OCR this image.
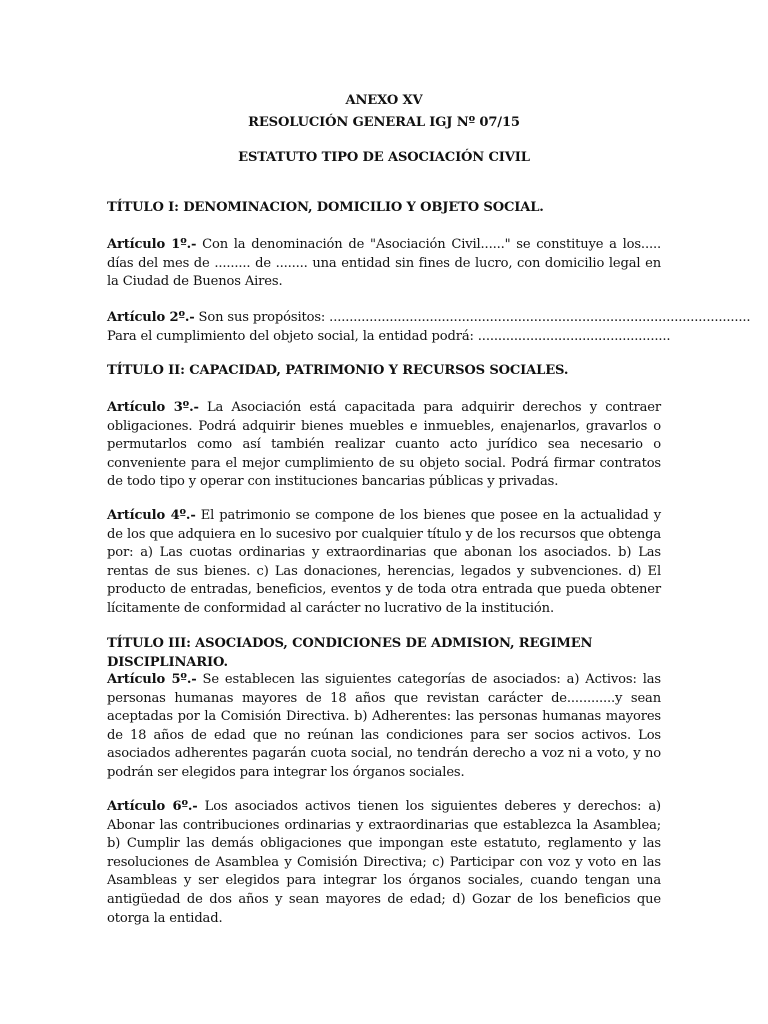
ANEXO XV
RESOLUCIÓN GENERAL IGJ Nº 07/15
ESTATUTO TIPO DE ASOCIACIÓN CIVIL
TÍTULO I: DENOMINACION, DOMICILIO Y OBJETO SOCIAL.
Artículo 1º.- Con la denominación de "Asociación Civil......" se constituye a los..... días del mes de ......... de ........ una entidad sin fines de lucro, con domicilio legal en la Ciudad de Buenos Aires.
Artículo 2º.- Son sus propósitos: .........................................................................................................
Para el cumplimiento del objeto social, la entidad podrá: ................................................
TÍTULO II: CAPACIDAD, PATRIMONIO Y RECURSOS SOCIALES.
Artículo 3º.- La Asociación está capacitada para adquirir derechos y contraer obligaciones. Podrá adquirir bienes muebles e inmuebles, enajenarlos, gravarlos o permutarlos como así también realizar cuanto acto jurídico sea necesario o conveniente para el mejor cumplimiento de su objeto social. Podrá firmar contratos de todo tipo y operar con instituciones bancarias públicas y privadas.
Artículo 4º.- El patrimonio se compone de los bienes que posee en la actualidad y de los que adquiera en lo sucesivo por cualquier título y de los recursos que obtenga por: a) Las cuotas ordinarias y extraordinarias que abonan los asociados. b) Las rentas de sus bienes. c) Las donaciones, herencias, legados y subvenciones. d) El producto de entradas, beneficios, eventos y de toda otra entrada que pueda obtener lícitamente de conformidad al carácter no lucrativo de la institución.
TÍTULO III: ASOCIADOS, CONDICIONES DE ADMISION, REGIMEN DISCIPLINARIO.
Artículo 5º.- Se establecen las siguientes categorías de asociados: a) Activos: las personas humanas mayores de 18 años que revistan carácter de............y sean aceptadas por la Comisión Directiva. b) Adherentes: las personas humanas mayores de 18 años de edad que no reúnan las condiciones para ser socios activos. Los asociados adherentes pagarán cuota social, no tendrán derecho a voz ni a voto, y no podrán ser elegidos para integrar los órganos sociales.
Artículo 6º.- Los asociados activos tienen los siguientes deberes y derechos: a) Abonar las contribuciones ordinarias y extraordinarias que establezca la Asamblea; b) Cumplir las demás obligaciones que impongan este estatuto, reglamento y las resoluciones de Asamblea y Comisión Directiva; c) Participar con voz y voto en las Asambleas y ser elegidos para integrar los órganos sociales, cuando tengan una antigüedad de dos años y sean mayores de edad; d) Gozar de los beneficios que otorga la entidad.
